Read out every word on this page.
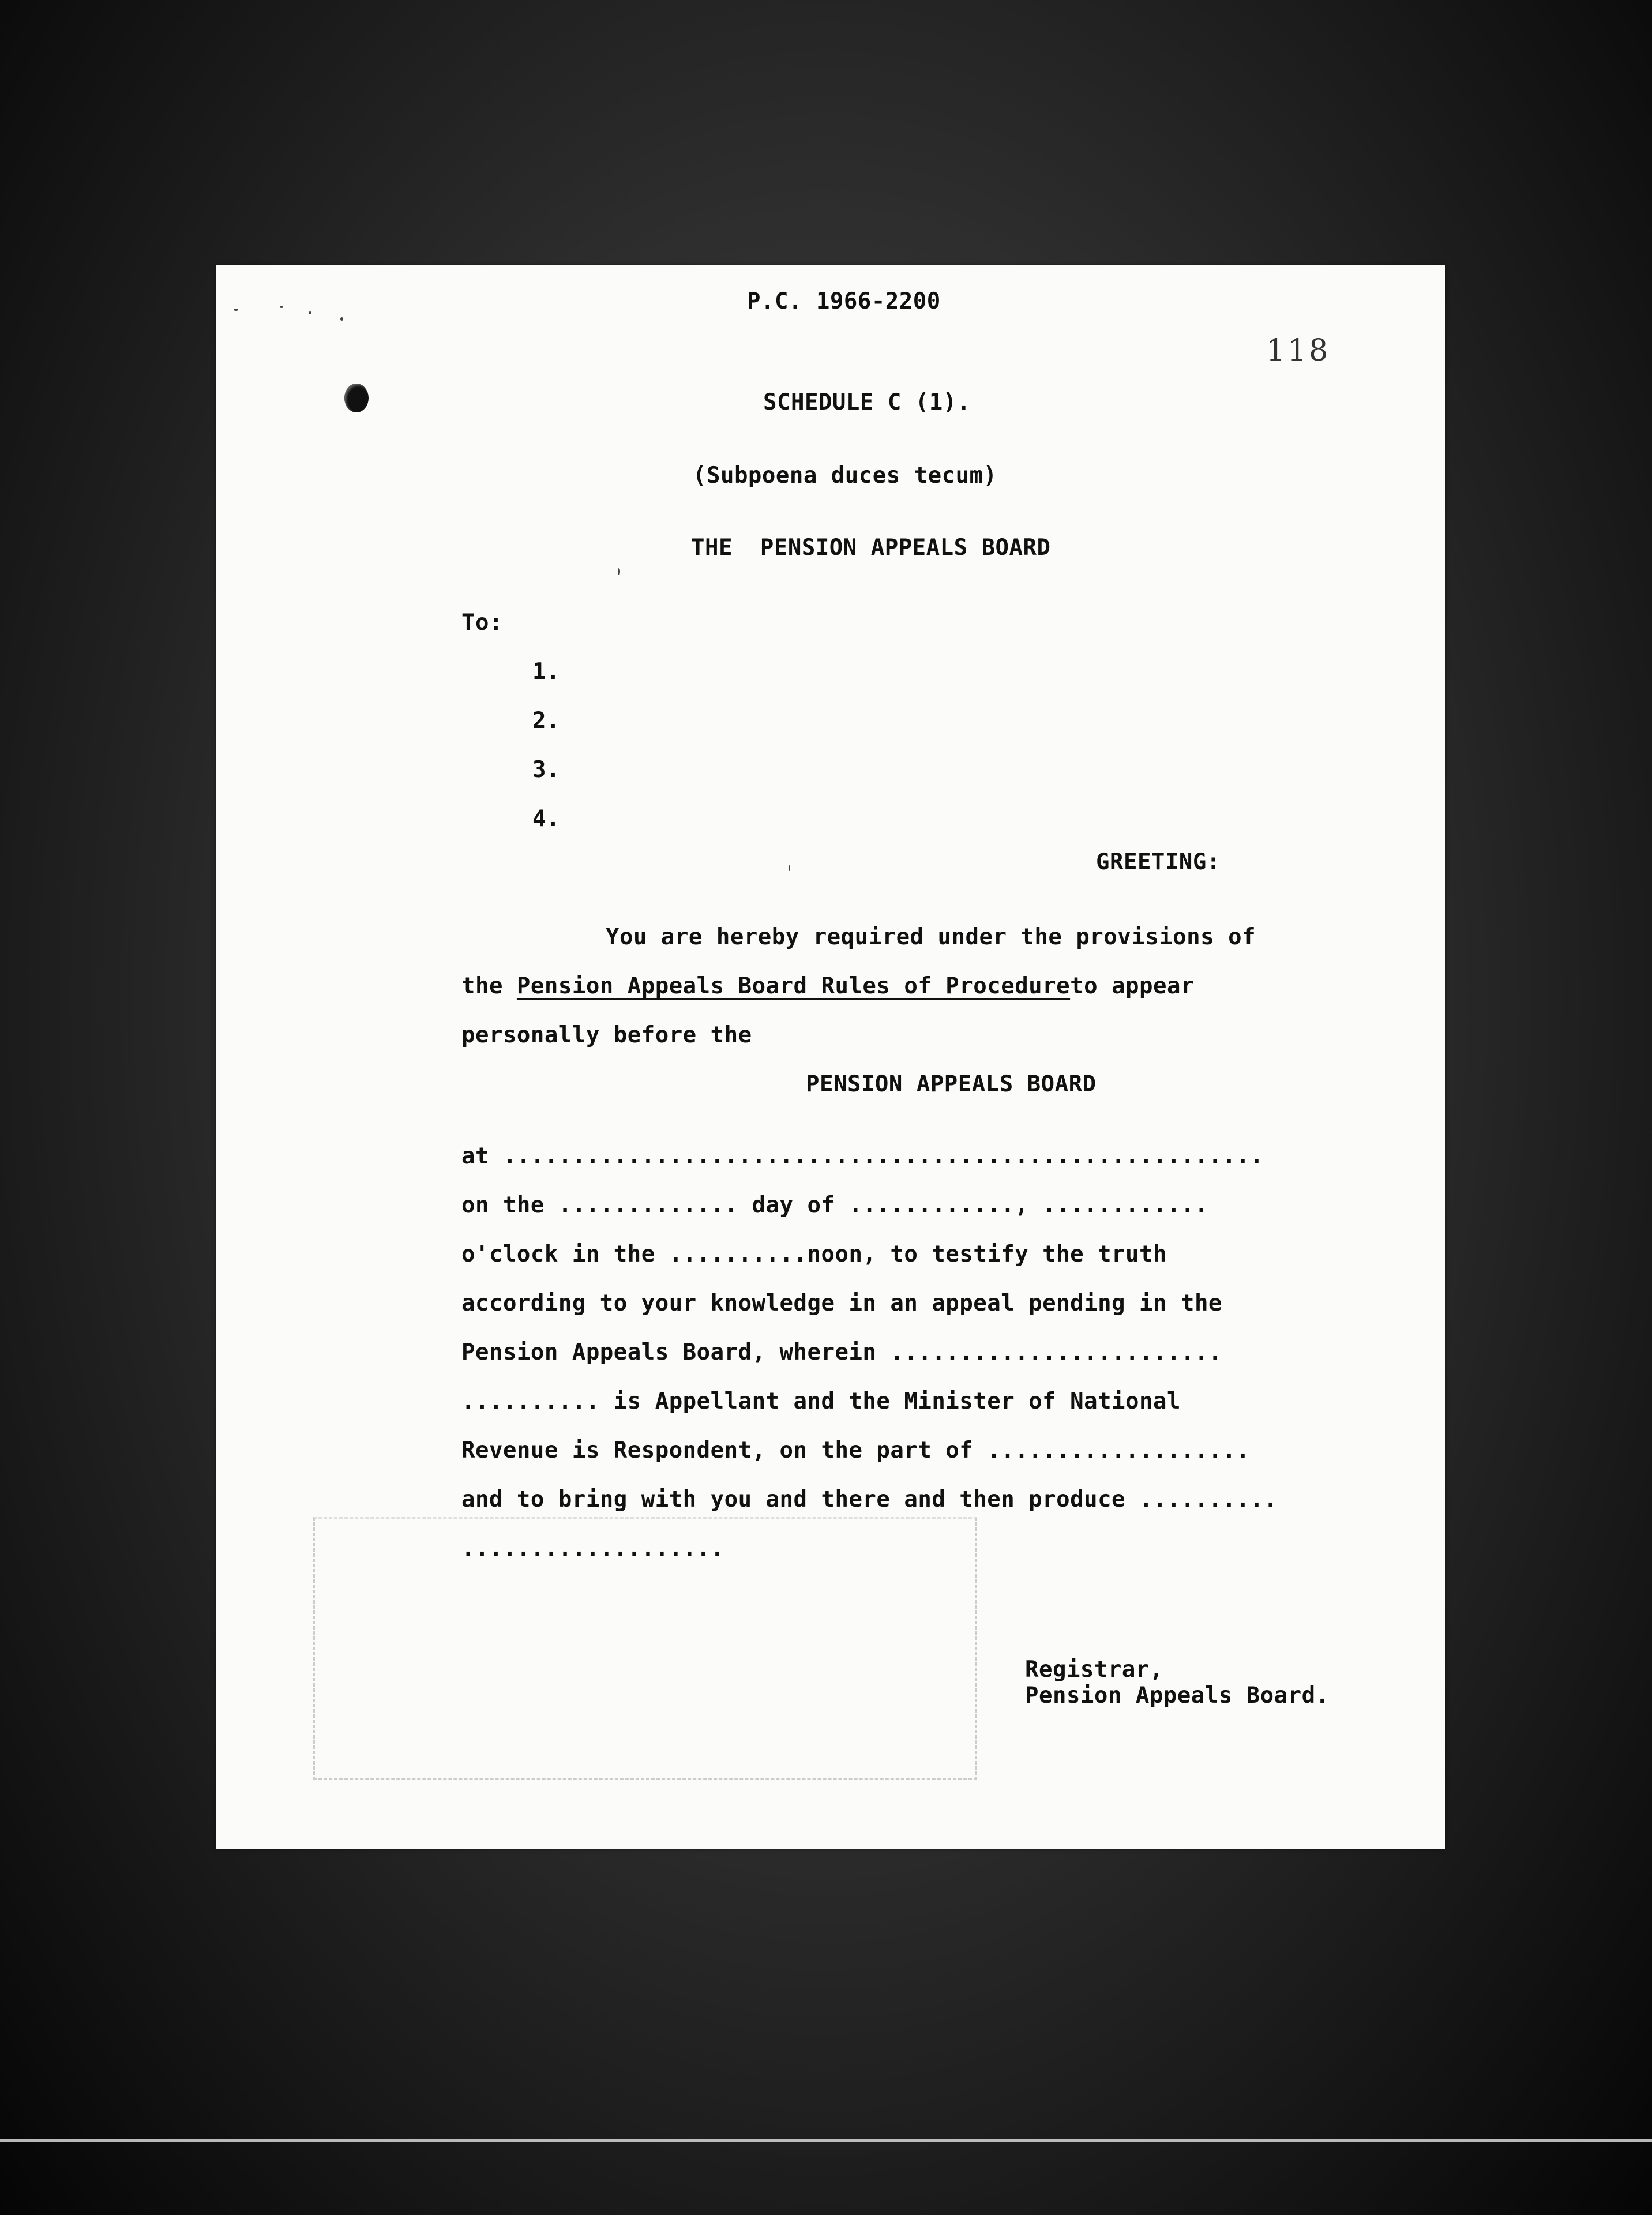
P.C. 1966-2200
118
SCHEDULE C (1).
(Subpoena duces tecum)
THE  PENSION APPEALS BOARD
To:
1.
2.
3.
4.
GREETING:
You are hereby required under the provisions of
the Pension Appeals Board Rules of Procedureto appear
personally before the
PENSION APPEALS BOARD
at .......................................................
on the ............. day of ............, ............
o'clock in the ..........noon, to testify the truth
according to your knowledge in an appeal pending in the
Pension Appeals Board, wherein ........................
.......... is Appellant and the Minister of National
Revenue is Respondent, on the part of ...................
and to bring with you and there and then produce ..........
...................
Registrar,
Pension Appeals Board.
